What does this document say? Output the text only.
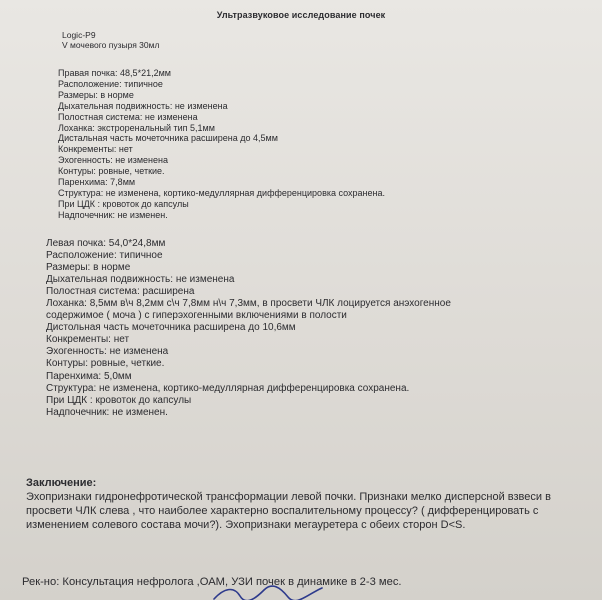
Ультразвуковое исследование почек
Logic-P9
V мочевого пузыря 30мл
Правая почка: 48,5*21,2мм
Расположение: типичное
Размеры: в норме
Дыхательная подвижность: не изменена
Полостная система: не изменена
Лоханка: экстроренальный тип 5,1мм
Дистальная часть мочеточника расширена до 4,5мм
Конкременты: нет
Эхогенность: не изменена
Контуры: ровные, четкие.
Паренхима: 7,8мм
Структура: не изменена, кортико-медуллярная дифференцировка сохранена.
При ЦДК : кровоток до капсулы
Надпочечник: не изменен.
Левая почка: 54,0*24,8мм
Расположение: типичное
Размеры: в норме
Дыхательная подвижность: не изменена
Полостная система: расширена
Лоханка: 8,5мм в\ч 8,2мм с\ч 7,8мм н\ч 7,3мм, в просвети ЧЛК лоцируется анэхогенное
содержимое ( моча ) с гиперэхогенными включениями в полости
Дистольная часть мочеточника расширена до 10,6мм
Конкременты: нет
Эхогенность: не изменена
Контуры: ровные, четкие.
Паренхима: 5,0мм
Структура: не изменена, кортико-медуллярная дифференцировка сохранена.
При ЦДК : кровоток до капсулы
Надпочечник: не изменен.
Заключение:
Эхопризнаки гидронефротической трансформации левой почки. Признаки мелко дисперсной взвеси в просвети ЧЛК слева , что наиболее характерно воспалительному процессу? ( дифференцировать с изменением солевого состава мочи?). Эхопризнаки мегауретера с обеих сторон D<S.
Рек-но: Консультация нефролога ,ОАМ, УЗИ почек в динамике в 2-3 мес.
